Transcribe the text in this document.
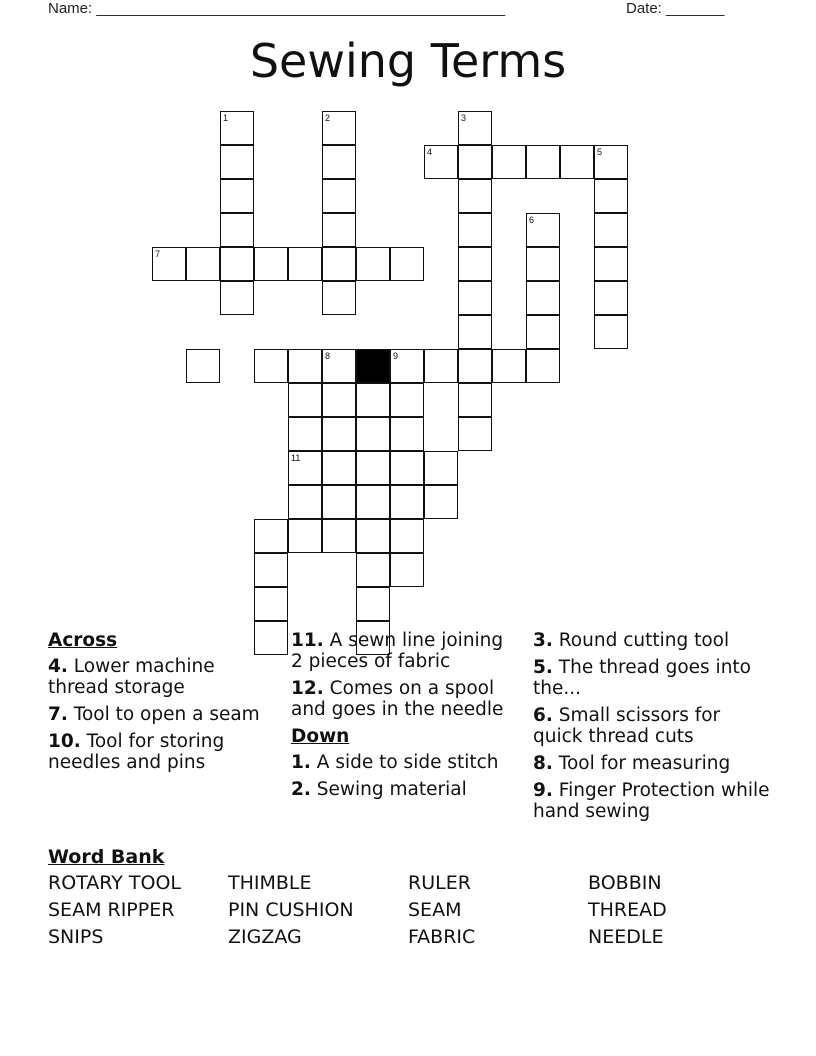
Name: _________________________________________________	Date: _______
Sewing Terms
1	2	3
4	5
6
7
8	9
11
Across
4. Lower machine thread storage
7. Tool to open a seam
10. Tool for storing needles and pins
11. A sewn line joining 2 pieces of fabric
12. Comes on a spool and goes in the needle
Down
1. A side to side stitch
2. Sewing material
3. Round cutting tool
5. The thread goes into the...
6. Small scissors for quick thread cuts
8. Tool for measuring
9. Finger Protection while hand sewing
Word Bank
ROTARY TOOL	THIMBLE	RULER	BOBBIN
SEAM RIPPER	PIN CUSHION	SEAM	THREAD
SNIPS	ZIGZAG	FABRIC	NEEDLE
